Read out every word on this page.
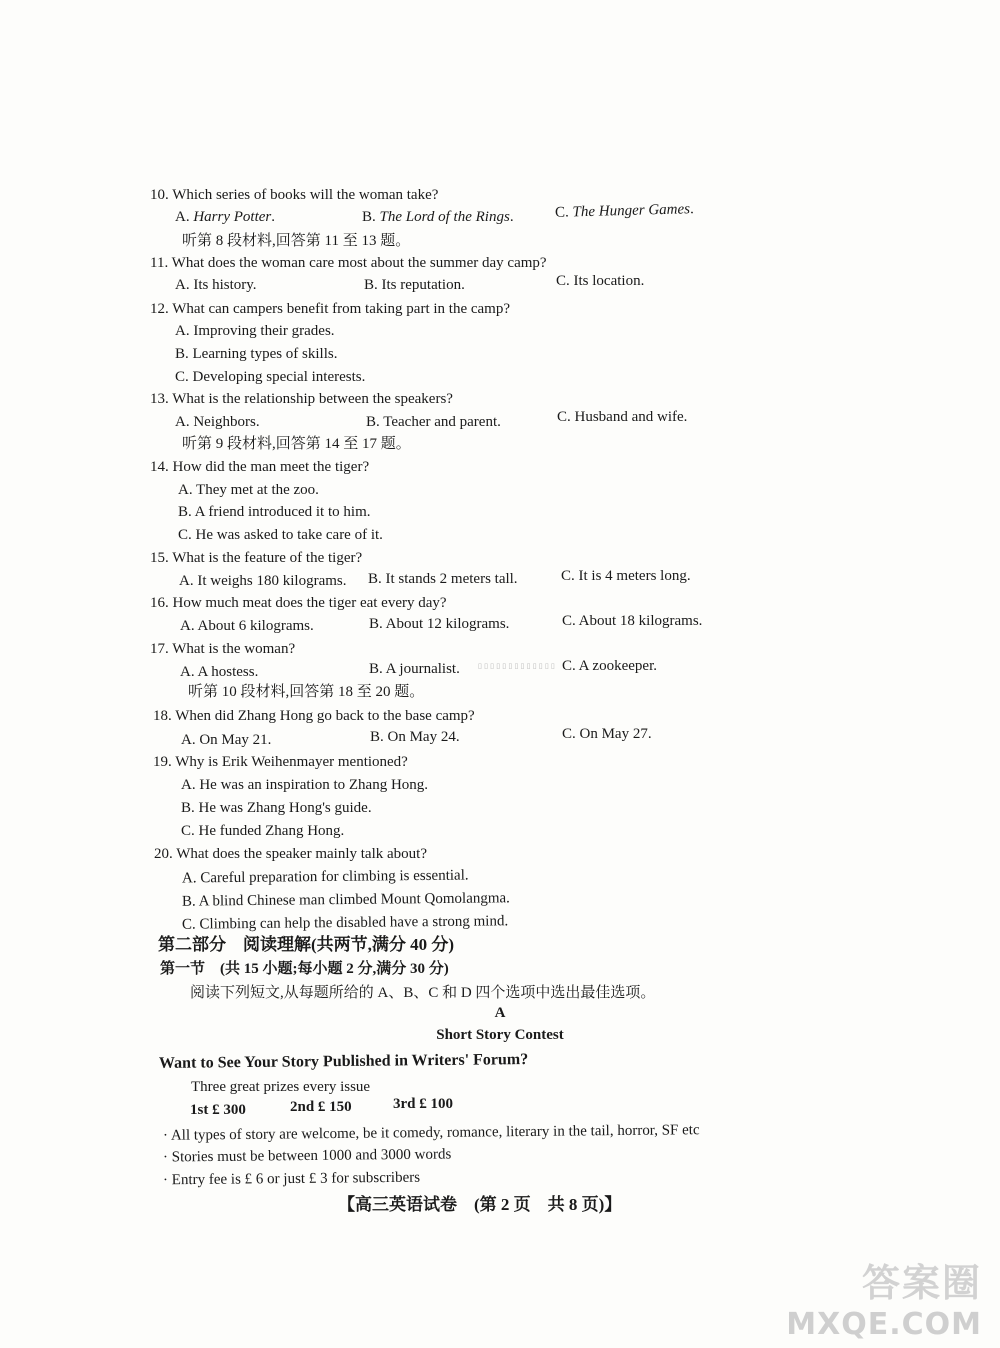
10. Which series of books will the woman take?
A. Harry Potter.	B. The Lord of the Rings.	C. The Hunger Games.
听第 8 段材料,回答第 11 至 13 题。
11. What does the woman care most about the summer day camp?
A. Its history.	B. Its reputation.	C. Its location.
12. What can campers benefit from taking part in the camp?
A. Improving their grades.
B. Learning types of skills.
C. Developing special interests.
13. What is the relationship between the speakers?
A. Neighbors.	B. Teacher and parent.	C. Husband and wife.
听第 9 段材料,回答第 14 至 17 题。
14. How did the man meet the tiger?
A. They met at the zoo.
B. A friend introduced it to him.
C. He was asked to take care of it.
15. What is the feature of the tiger?
A. It weighs 180 kilograms. B. It stands 2 meters tall.	C. It is 4 meters long.
16. How much meat does the tiger eat every day?
A. About 6 kilograms.	B. About 12 kilograms.	C. About 18 kilograms.
17. What is the woman?
A. A hostess.	B. A journalist.	C. A zookeeper.
▯ ▯ ▯ ▯ ▯ ▯ ▯ ▯ ▯ ▯ ▯ ▯ ▯
听第 10 段材料,回答第 18 至 20 题。
18. When did Zhang Hong go back to the base camp?
A. On May 21.	B. On May 24.	C. On May 27.
19. Why is Erik Weihenmayer mentioned?
A. He was an inspiration to Zhang Hong.
B. He was Zhang Hong's guide.
C. He funded Zhang Hong.
20. What does the speaker mainly talk about?
A. Careful preparation for climbing is essential.
B. A blind Chinese man climbed Mount Qomolangma.
C. Climbing can help the disabled have a strong mind.
第二部分　阅读理解(共两节,满分 40 分)
第一节　(共 15 小题;每小题 2 分,满分 30 分)
阅读下列短文,从每题所给的 A、B、C 和 D 四个选项中选出最佳选项。
A
Short Story Contest
Want to See Your Story Published in Writers' Forum?
Three great prizes every issue
1st £ 300	2nd £ 150	3rd £ 100
· All types of story are welcome, be it comedy, romance, literary in the tail, horror, SF etc
· Stories must be between 1000 and 3000 words
· Entry fee is £ 6 or just £ 3 for subscribers
【高三英语试卷　(第 2 页　共 8 页)】
答案圈
MXQE.COM
